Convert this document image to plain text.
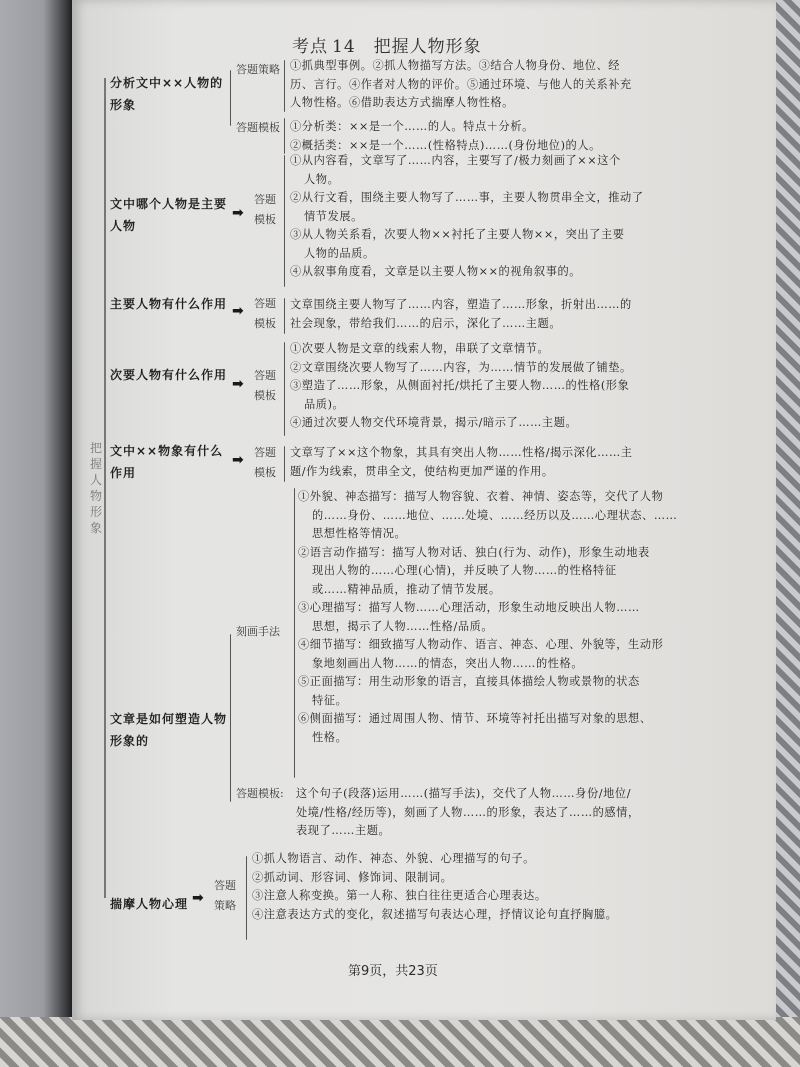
考点 14 把握人物形象
把握人物形象
分析文中××人物的形象
答题策略
答题模板

①抓典型事例。②抓人物描写方法。③结合人物身份、地位、经

历、言行。④作者对人物的评价。⑤通过环境、与他人的关系补充

人物性格。⑥借助表达方式揣摩人物性格。

①分析类：××是一个……的人。特点＋分析。

②概括类：××是一个……(性格特点)……(身份地位)的人。

文中哪个人物是主要人物
➡
答题
模板

①从内容看，文章写了……内容，主要写了/极力刻画了××这个

人物。

②从行文看，围绕主要人物写了……事，主要人物贯串全文，推动了

情节发展。

③从人物关系看，次要人物××衬托了主要人物××，突出了主要

人物的品质。

④从叙事角度看，文章是以主要人物××的视角叙事的。

主要人物有什么作用 ➡ 答题
模板

文章围绕主要人物写了……内容，塑造了……形象，折射出……的

社会现象，带给我们……的启示，深化了……主题。

次要人物有什么作用
➡
答题
模板

①次要人物是文章的线索人物，串联了文章情节。

②文章围绕次要人物写了……内容，为……情节的发展做了铺垫。

③塑造了……形象，从侧面衬托/烘托了主要人物……的性格(形象

品质)。

④通过次要人物交代环境背景，揭示/暗示了……主题。

文中××物象有什么作用
➡ 答题
模板

文章写了××这个物象，其具有突出人物……性格/揭示深化……主

题/作为线索，贯串全文，使结构更加严谨的作用。

文章是如何塑造人物形象的
刻画手法

①外貌、神态描写：描写人物容貌、衣着、神情、姿态等，交代了人物

的……身份、……地位、……处境、……经历以及……心理状态、……

思想性格等情况。

②语言动作描写：描写人物对话、独白(行为、动作)，形象生动地表

现出人物的……心理(心情)，并反映了人物……的性格特征

或……精神品质，推动了情节发展。

③心理描写：描写人物……心理活动，形象生动地反映出人物……

思想，揭示了人物……性格/品质。

④细节描写：细致描写人物动作、语言、神态、心理、外貌等，生动形

象地刻画出人物……的情态，突出人物……的性格。

⑤正面描写：用生动形象的语言，直接具体描绘人物或景物的状态

特征。

⑥侧面描写：通过周围人物、情节、环境等衬托出描写对象的思想、

性格。

答题模板: 这个句子(段落)运用……(描写手法)，交代了人物……身份/地位/

处境/性格/经历等)，刻画了人物……的形象，表达了……的感情，

表现了……主题。

揣摩人物心理 ➡
答题
策略

①抓人物语言、动作、神态、外貌、心理描写的句子。

②抓动词、形容词、修饰词、限制词。

③注意人称变换。第一人称、独白往往更适合心理表达。

④注意表达方式的变化，叙述描写句表达心理，抒情议论句直抒胸臆。

第9页，共23页
